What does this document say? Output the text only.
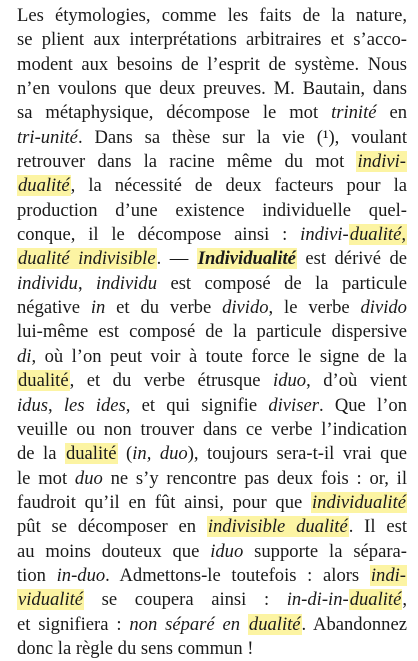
Les étymologies, comme les faits de la nature,
se plient aux interprétations arbitraires et s’acco-
modent aux besoins de l’esprit de système. Nous
n’en voulons que deux preuves. M. Bautain, dans
sa métaphysique, décompose le mot trinité en
tri-unité. Dans sa thèse sur la vie (¹), voulant
retrouver dans la racine même du mot indivi-
dualité, la nécessité de deux facteurs pour la
production d’une existence individuelle quel-
conque, il le décompose ainsi : indivi-dualité,
dualité indivisible. — Individualité est dérivé de
individu, individu est composé de la particule
négative in et du verbe divido, le verbe divido
lui-même est composé de la particule dispersive
di, où l’on peut voir à toute force le signe de la
dualité, et du verbe étrusque iduo, d’où vient
idus, les ides, et qui signifie diviser. Que l’on
veuille ou non trouver dans ce verbe l’indication
de la dualité (in, duo), toujours sera-t-il vrai que
le mot duo ne s’y rencontre pas deux fois : or, il
faudroit qu’il en fût ainsi, pour que individualité
pût se décomposer en indivisible dualité. Il est
au moins douteux que iduo supporte la sépara-
tion in-duo. Admettons-le toutefois : alors indi-
vidualité se coupera ainsi : in-di-in-dualité,
et signifiera : non séparé en dualité. Abandonnez
donc la règle du sens commun !
